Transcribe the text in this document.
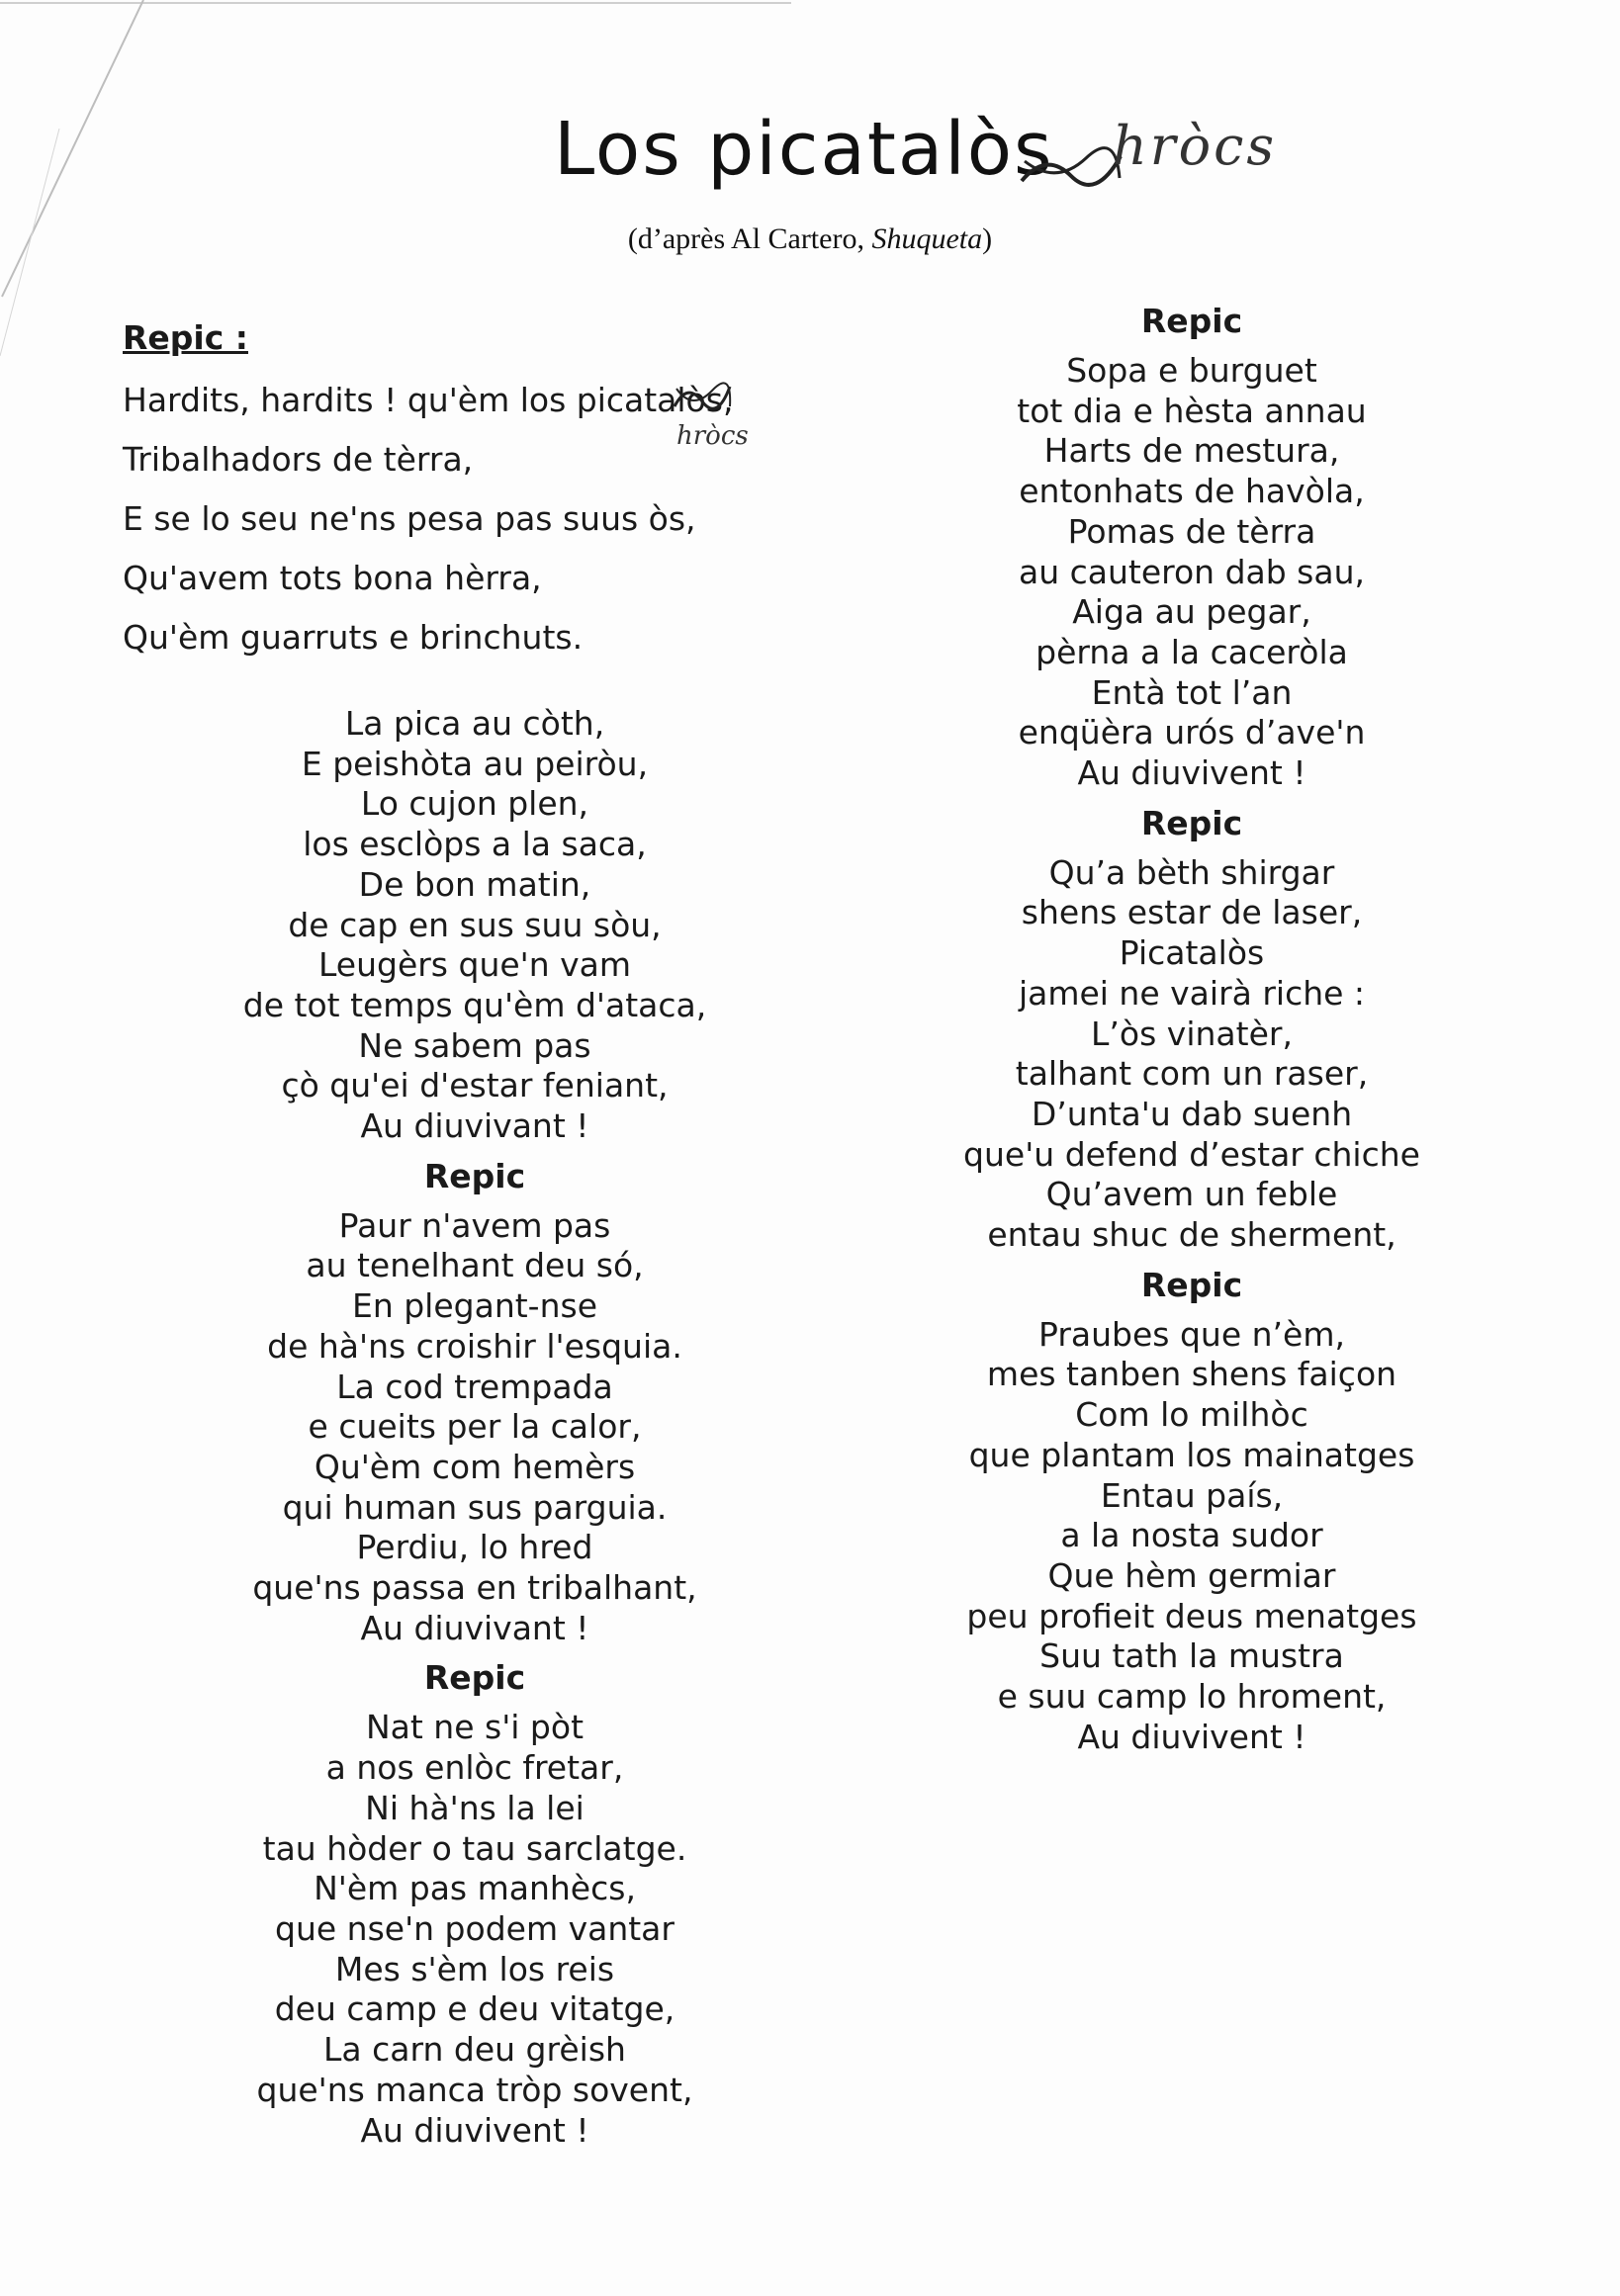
Los picatalòs hròcs

(d’après Al Cartero, Shuqueta)
Repic :
Hardits, hardits ! qu'èm los picatalòs
,
hròcs
Tribalhadors de tèrra,
E se lo seu ne'ns pesa pas suus òs,
Qu'avem tots bona hèrra,
Qu'èm guarruts e brinchuts.
La pica au còth,
E peishòta au peiròu,
Lo cujon plen,
los esclòps a la saca,
De bon matin,
de cap en sus suu sòu,
Leugèrs que'n vam
de tot temps qu'èm d'ataca,
Ne sabem pas
çò qu'ei d'estar feniant,
Au diuvivant !
Repic
Paur n'avem pas
au tenelhant deu só,
En plegant-nse
de hà'ns croishir l'esquia.
La cod trempada
e cueits per la calor,
Qu'èm com hemèrs
qui human sus parguia.
Perdiu, lo hred
que'ns passa en tribalhant,
Au diuvivant !
Repic
Nat ne s'i pòt
a nos enlòc fretar,
Ni hà'ns la lei
tau hòder o tau sarclatge.
N'èm pas manhècs,
que nse'n podem vantar
Mes s'èm los reis
deu camp e deu vitatge,
La carn deu grèish
que'ns manca tròp sovent,
Au diuvivent !
Repic
Sopa e burguet
tot dia e hèsta annau
Harts de mestura,
entonhats de havòla,
Pomas de tèrra
au cauteron dab sau,
Aiga au pegar,
pèrna a la caceròla
Entà tot l’an
enqüèra urós d’ave'n
Au diuvivent !
Repic
Qu’a bèth shirgar
shens estar de laser,
Picatalòs
jamei ne vairà riche :
L’òs vinatèr,
talhant com un raser,
D’unta'u dab suenh
que'u defend d’estar chiche
Qu’avem un feble
entau shuc de sherment,
Repic
Praubes que n’èm,
mes tanben shens faiçon
Com lo milhòc
que plantam los mainatges
Entau país,
a la nosta sudor
Que hèm germiar
peu profieit deus menatges
Suu tath la mustra
e suu camp lo hroment,
Au diuvivent !
